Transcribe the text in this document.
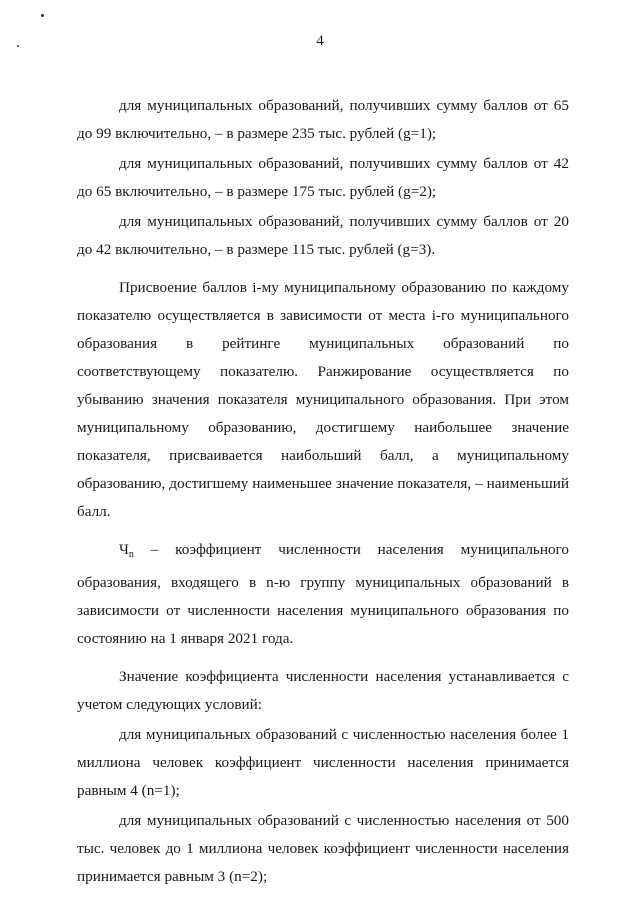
4

для муниципальных образований, получивших сумму баллов от 65 до 99 включительно, – в размере 235 тыс. рублей (g=1);

для муниципальных образований, получивших сумму баллов от 42 до 65 включительно, – в размере 175 тыс. рублей (g=2);

для муниципальных образований, получивших сумму баллов от 20 до 42 включительно, – в размере 115 тыс. рублей (g=3).

Присвоение баллов i-му муниципальному образованию по каждому показателю осуществляется в зависимости от места i-го муниципального образования в рейтинге муниципальных образований по соответствующему показателю. Ранжирование осуществляется по убыванию значения показателя муниципального образования. При этом муниципальному образованию, достигшему наибольшее значение показателя, присваивается наибольший балл, а муниципальному образованию, достигшему наименьшее значение показателя, – наименьший балл.

$Ч_n$ – коэффициент численности населения муниципального образования, входящего в n-ю группу муниципальных образований в зависимости от численности населения муниципального образования по состоянию на 1 января 2021 года.

Значение коэффициента численности населения устанавливается с учетом следующих условий:

для муниципальных образований с численностью населения более 1 миллиона человек коэффициент численности населения принимается равным 4 (n=1);

для муниципальных образований с численностью населения от 500 тыс. человек до 1 миллиона человек коэффициент численности населения принимается равным 3 (n=2);
